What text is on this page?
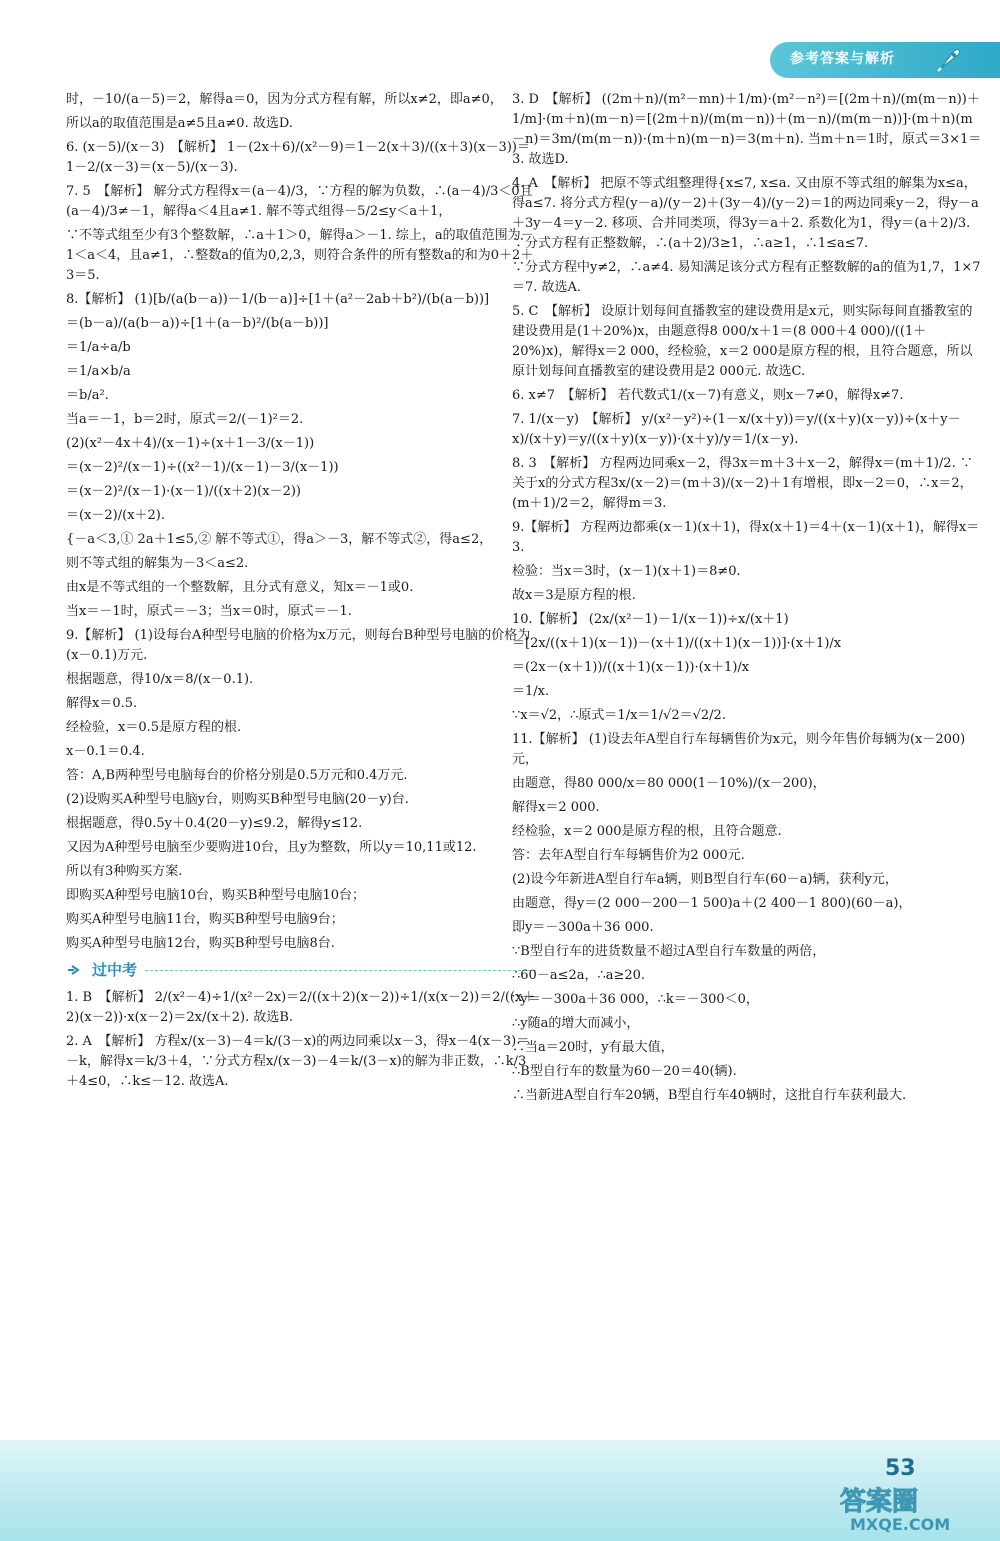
参考答案与解析

时，－10/(a－5)＝2，解得a＝0，因为分式方程有解，所以x≠2，即a≠0，

所以a的取值范围是a≠5且a≠0. 故选D.

6. (x－5)/(x－3)　【解析】 1－(2x＋6)/(x²－9)＝1－2(x＋3)/((x＋3)(x－3))＝1－2/(x－3)＝(x－5)/(x－3).

7. 5　【解析】 解分式方程得x＝(a－4)/3，∵方程的解为负数，∴(a－4)/3＜0且(a－4)/3≠－1，解得a＜4且a≠1. 解不等式组得－5/2≤y＜a＋1，

∵不等式组至少有3个整数解，∴a＋1＞0，解得a＞－1. 综上，a的取值范围为－1＜a＜4，且a≠1，∴整数a的值为0,2,3，则符合条件的所有整数a的和为0＋2＋3＝5.

8.【解析】 (1)[b/(a(b－a))－1/(b－a)]÷[1＋(a²－2ab＋b²)/(b(a－b))]

＝(b－a)/(a(b－a))÷[1＋(a－b)²/(b(a－b))]

＝1/a÷a/b

＝1/a×b/a

＝b/a².

当a＝－1，b＝2时，原式＝2/(－1)²＝2.

(2)(x²－4x＋4)/(x－1)÷(x＋1－3/(x－1))

＝(x－2)²/(x－1)÷((x²－1)/(x－1)－3/(x－1))

＝(x－2)²/(x－1)·(x－1)/((x＋2)(x－2))

＝(x－2)/(x＋2).

{－a＜3,① 2a＋1≤5,② 解不等式①，得a＞－3，解不等式②，得a≤2，

则不等式组的解集为－3＜a≤2.

由x是不等式组的一个整数解，且分式有意义，知x＝－1或0.

当x＝－1时，原式＝－3；当x＝0时，原式＝－1.

9.【解析】 (1)设每台A种型号电脑的价格为x万元，则每台B种型号电脑的价格为(x－0.1)万元.

根据题意，得10/x＝8/(x－0.1).

解得x＝0.5.

经检验，x＝0.5是原方程的根.

x－0.1＝0.4.

答：A,B两种型号电脑每台的价格分别是0.5万元和0.4万元.

(2)设购买A种型号电脑y台，则购买B种型号电脑(20－y)台.

根据题意，得0.5y＋0.4(20－y)≤9.2，解得y≤12.

又因为A种型号电脑至少要购进10台，且y为整数，所以y＝10,11或12.

所以有3种购买方案.

即购买A种型号电脑10台，购买B种型号电脑10台；

购买A种型号电脑11台，购买B种型号电脑9台；

购买A种型号电脑12台，购买B种型号电脑8台.

过中考

1. B　【解析】 2/(x²－4)÷1/(x²－2x)＝2/((x＋2)(x－2))÷1/(x(x－2))＝2/((x＋2)(x－2))·x(x－2)＝2x/(x＋2). 故选B.

2. A　【解析】 方程x/(x－3)－4＝k/(3－x)的两边同乘以x－3，得x－4(x－3)＝－k，解得x＝k/3＋4，∵分式方程x/(x－3)－4＝k/(3－x)的解为非正数，∴k/3＋4≤0，∴k≤－12. 故选A.

3. D　【解析】 ((2m＋n)/(m²－mn)＋1/m)·(m²－n²)＝[(2m＋n)/(m(m－n))＋1/m]·(m＋n)(m－n)＝[(2m＋n)/(m(m－n))＋(m－n)/(m(m－n))]·(m＋n)(m－n)＝3m/(m(m－n))·(m＋n)(m－n)＝3(m＋n). 当m＋n＝1时，原式＝3×1＝3. 故选D.

4. A　【解析】 把原不等式组整理得{x≤7, x≤a. 又由原不等式组的解集为x≤a，得a≤7. 将分式方程(y－a)/(y－2)＋(3y－4)/(y－2)＝1的两边同乘y－2，得y－a＋3y－4＝y－2. 移项、合并同类项，得3y＝a＋2. 系数化为1，得y＝(a＋2)/3. ∵分式方程有正整数解，∴(a＋2)/3≥1，∴a≥1，∴1≤a≤7.

∵分式方程中y≠2，∴a≠4. 易知满足该分式方程有正整数解的a的值为1,7，1×7＝7. 故选A.

5. C　【解析】 设原计划每间直播教室的建设费用是x元，则实际每间直播教室的建设费用是(1＋20%)x，由题意得8 000/x＋1＝(8 000＋4 000)/((1＋20%)x)，解得x＝2 000，经检验，x＝2 000是原方程的根，且符合题意，所以原计划每间直播教室的建设费用是2 000元. 故选C.

6. x≠7　【解析】 若代数式1/(x－7)有意义，则x－7≠0，解得x≠7.

7. 1/(x－y)　【解析】 y/(x²－y²)÷(1－x/(x＋y))＝y/((x＋y)(x－y))÷(x＋y－x)/(x＋y)＝y/((x＋y)(x－y))·(x＋y)/y＝1/(x－y).

8. 3　【解析】 方程两边同乘x－2，得3x＝m＋3＋x－2，解得x＝(m＋1)/2. ∵关于x的分式方程3x/(x－2)＝(m＋3)/(x－2)＋1有增根，即x－2＝0，∴x＝2，(m＋1)/2＝2，解得m＝3.

9.【解析】 方程两边都乘(x－1)(x＋1)，得x(x＋1)＝4＋(x－1)(x＋1)，解得x＝3.

检验：当x＝3时，(x－1)(x＋1)＝8≠0.

故x＝3是原方程的根.

10.【解析】 (2x/(x²－1)－1/(x－1))÷x/(x＋1)

＝[2x/((x＋1)(x－1))－(x＋1)/((x＋1)(x－1))]·(x＋1)/x

＝(2x－(x＋1))/((x＋1)(x－1))·(x＋1)/x

＝1/x.

∵x＝√2，∴原式＝1/x＝1/√2＝√2/2.

11.【解析】 (1)设去年A型自行车每辆售价为x元，则今年售价每辆为(x－200)元，

由题意，得80 000/x＝80 000(1－10%)/(x－200)，

解得x＝2 000.

经检验，x＝2 000是原方程的根，且符合题意.

答：去年A型自行车每辆售价为2 000元.

(2)设今年新进A型自行车a辆，则B型自行车(60－a)辆，获利y元，

由题意，得y＝(2 000－200－1 500)a＋(2 400－1 800)(60－a)，

即y＝－300a＋36 000.

∵B型自行车的进货数量不超过A型自行车数量的两倍，

∴60－a≤2a，∴a≥20.

∵y＝－300a＋36 000，∴k＝－300＜0，

∴y随a的增大而减小，

∴当a＝20时，y有最大值，

∴B型自行车的数量为60－20＝40(辆).

∴当新进A型自行车20辆，B型自行车40辆时，这批自行车获利最大.

53
答案圈
MXQE.COM
